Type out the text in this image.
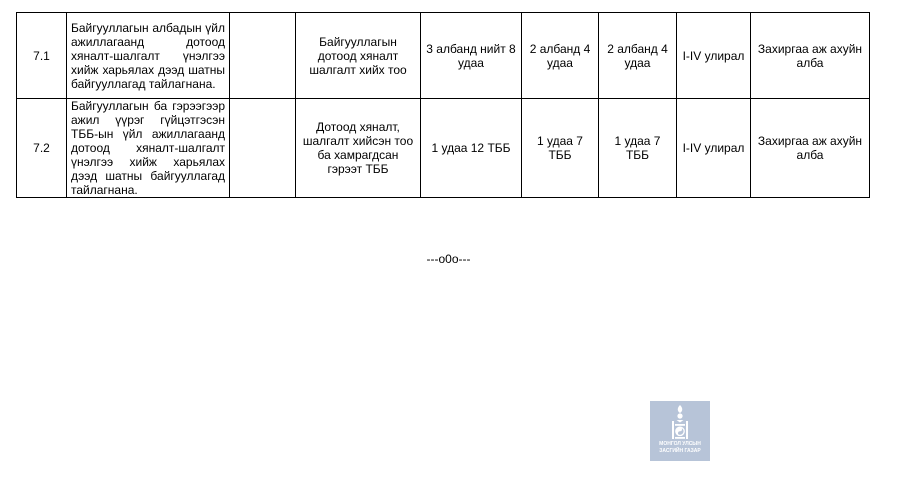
7.1	Байгууллагын албадын үйл ажиллагаанд дотоод хяналт-шалгалт үнэлгээ хийж харьялах дээд шатны байгууллагад тайлагнана.		Байгууллагын дотоод хяналт шалгалт хийх тоо	3 албанд нийт 8 удаа	2 албанд 4 удаа	2 албанд 4 удаа	I-IV улирал	Захиргаа аж ахуйн алба
7.2	Байгууллагын ба гэрээгээр ажил үүрэг гүйцэтгэсэн ТББ-ын үйл ажиллагаанд дотоод хяналт-шалгалт үнэлгээ хийж харьялах дээд шатны байгууллагад тайлагнана.		Дотоод хяналт, шалгалт хийсэн тоо ба хамрагдсан гэрээт ТББ	1 удаа 12 ТББ	1 удаа 7 ТББ	1 удаа 7 ТББ	I-IV улирал	Захиргаа аж ахуйн алба
---o0o---
МОНГОЛ УЛСЫН
ЗАСГИЙН ГАЗАР
